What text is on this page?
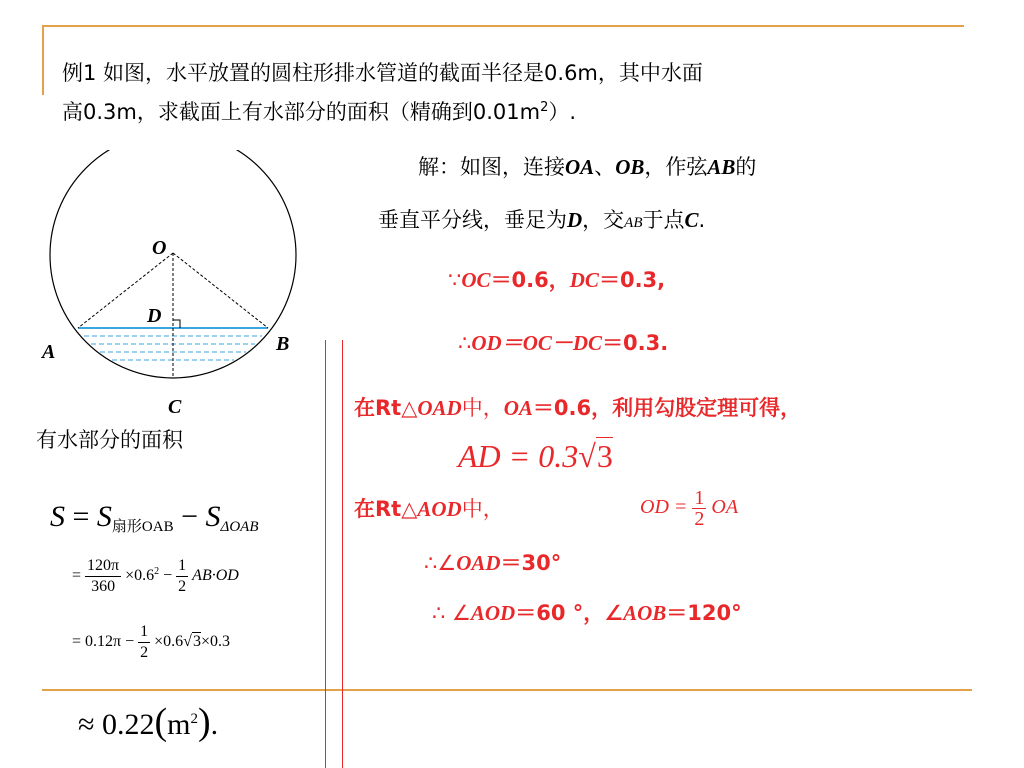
例1 如图，水平放置的圆柱形排水管道的截面半径是0.6m，其中水面
高0.3m，求截面上有水部分的面积（精确到$0.01m^2$）.
O
D
A	B
C
有水部分的面积
$S = S_{扇形OAB} - S_{\Delta OAB}$
= $\frac{120\pi}{360} \times 0.6^2 - \frac{1}{2} AB\cdot OD$
= $0.12\pi - \frac{1}{2} \times 0.6√3\times 0.3$
≈ $0.22(m^2)$.
解：如图，连接OA、OB，作弦AB的
垂直平分线，垂足为D，交AB于点C.
∵OC＝0.6，DC＝0.3,
∴OD＝OC－DC＝0.3.
在Rt△OAD中，OA＝0.6，利用勾股定理可得，
AD = 0.3√3
在Rt△AOD中，	OD = $\frac{1}{2}$ OA
∴∠OAD＝30°
∴ ∠AOD＝60 °，∠AOB＝120°
